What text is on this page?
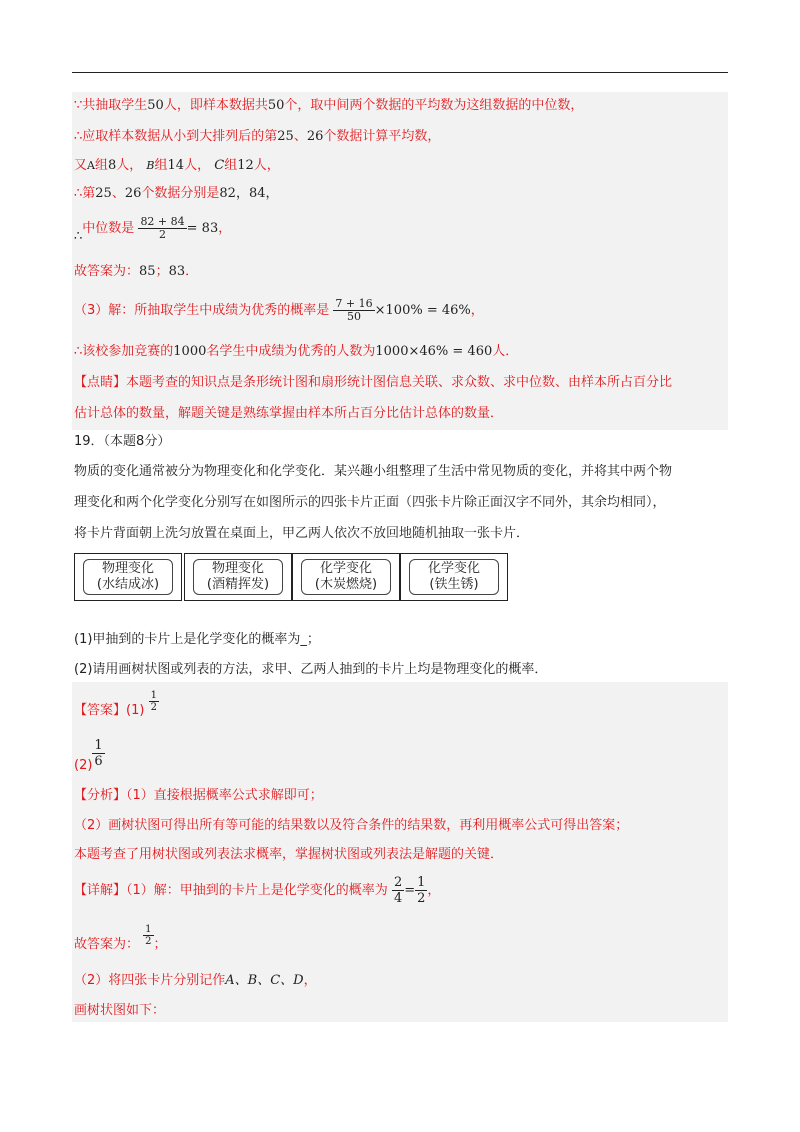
∵共抽取学生50人，即样本数据共50个，取中间两个数据的平均数为这组数据的中位数，
∴应取样本数据从小到大排列后的第25、26个数据计算平均数，
又A组8人， B组14人， C组12人，
∴第25、26个数据分别是82，84，
∴中位数是 $\frac{82 + 84}{2} = 83$，
故答案为：85；83．
（3）解：所抽取学生中成绩为优秀的概率是 $\frac{7 + 16}{50} \times 100\% = 46\%$，
∴该校参加竞赛的1000名学生中成绩为优秀的人数为1000×46% = 460人．
【点睛】本题考查的知识点是条形统计图和扇形统计图信息关联、求众数、求中位数、由样本所占百分比
估计总体的数量，解题关键是熟练掌握由样本所占百分比估计总体的数量．
19．（本题8分）
物质的变化通常被分为物理变化和化学变化．某兴趣小组整理了生活中常见物质的变化，并将其中两个物
理变化和两个化学变化分别写在如图所示的四张卡片正面（四张卡片除正面汉字不同外，其余均相同），
将卡片背面朝上洗匀放置在桌面上，甲乙两人依次不放回地随机抽取一张卡片．
物理变化
(水结成冰)
物理变化
(酒精挥发)
化学变化
(木炭燃烧)
化学变化
(铁生锈)
(1)甲抽到的卡片上是化学变化的概率为_；
(2)请用画树状图或列表的方法，求甲、乙两人抽到的卡片上均是物理变化的概率．
【答案】$(1) \frac{1}{2}$
$(2) \frac{1}{6}$
【分析】（1）直接根据概率公式求解即可；
（2）画树状图可得出所有等可能的结果数以及符合条件的结果数，再利用概率公式可得出答案；
本题考查了用树状图或列表法求概率，掌握树状图或列表法是解题的关键．
【详解】（1）解：甲抽到的卡片上是化学变化的概率为 $\frac{2}{4} = \frac{1}{2}$ ，
故答案为： $\frac{1}{2}$ ；
（2）将四张卡片分别记作A、B、C、D，
画树状图如下：
